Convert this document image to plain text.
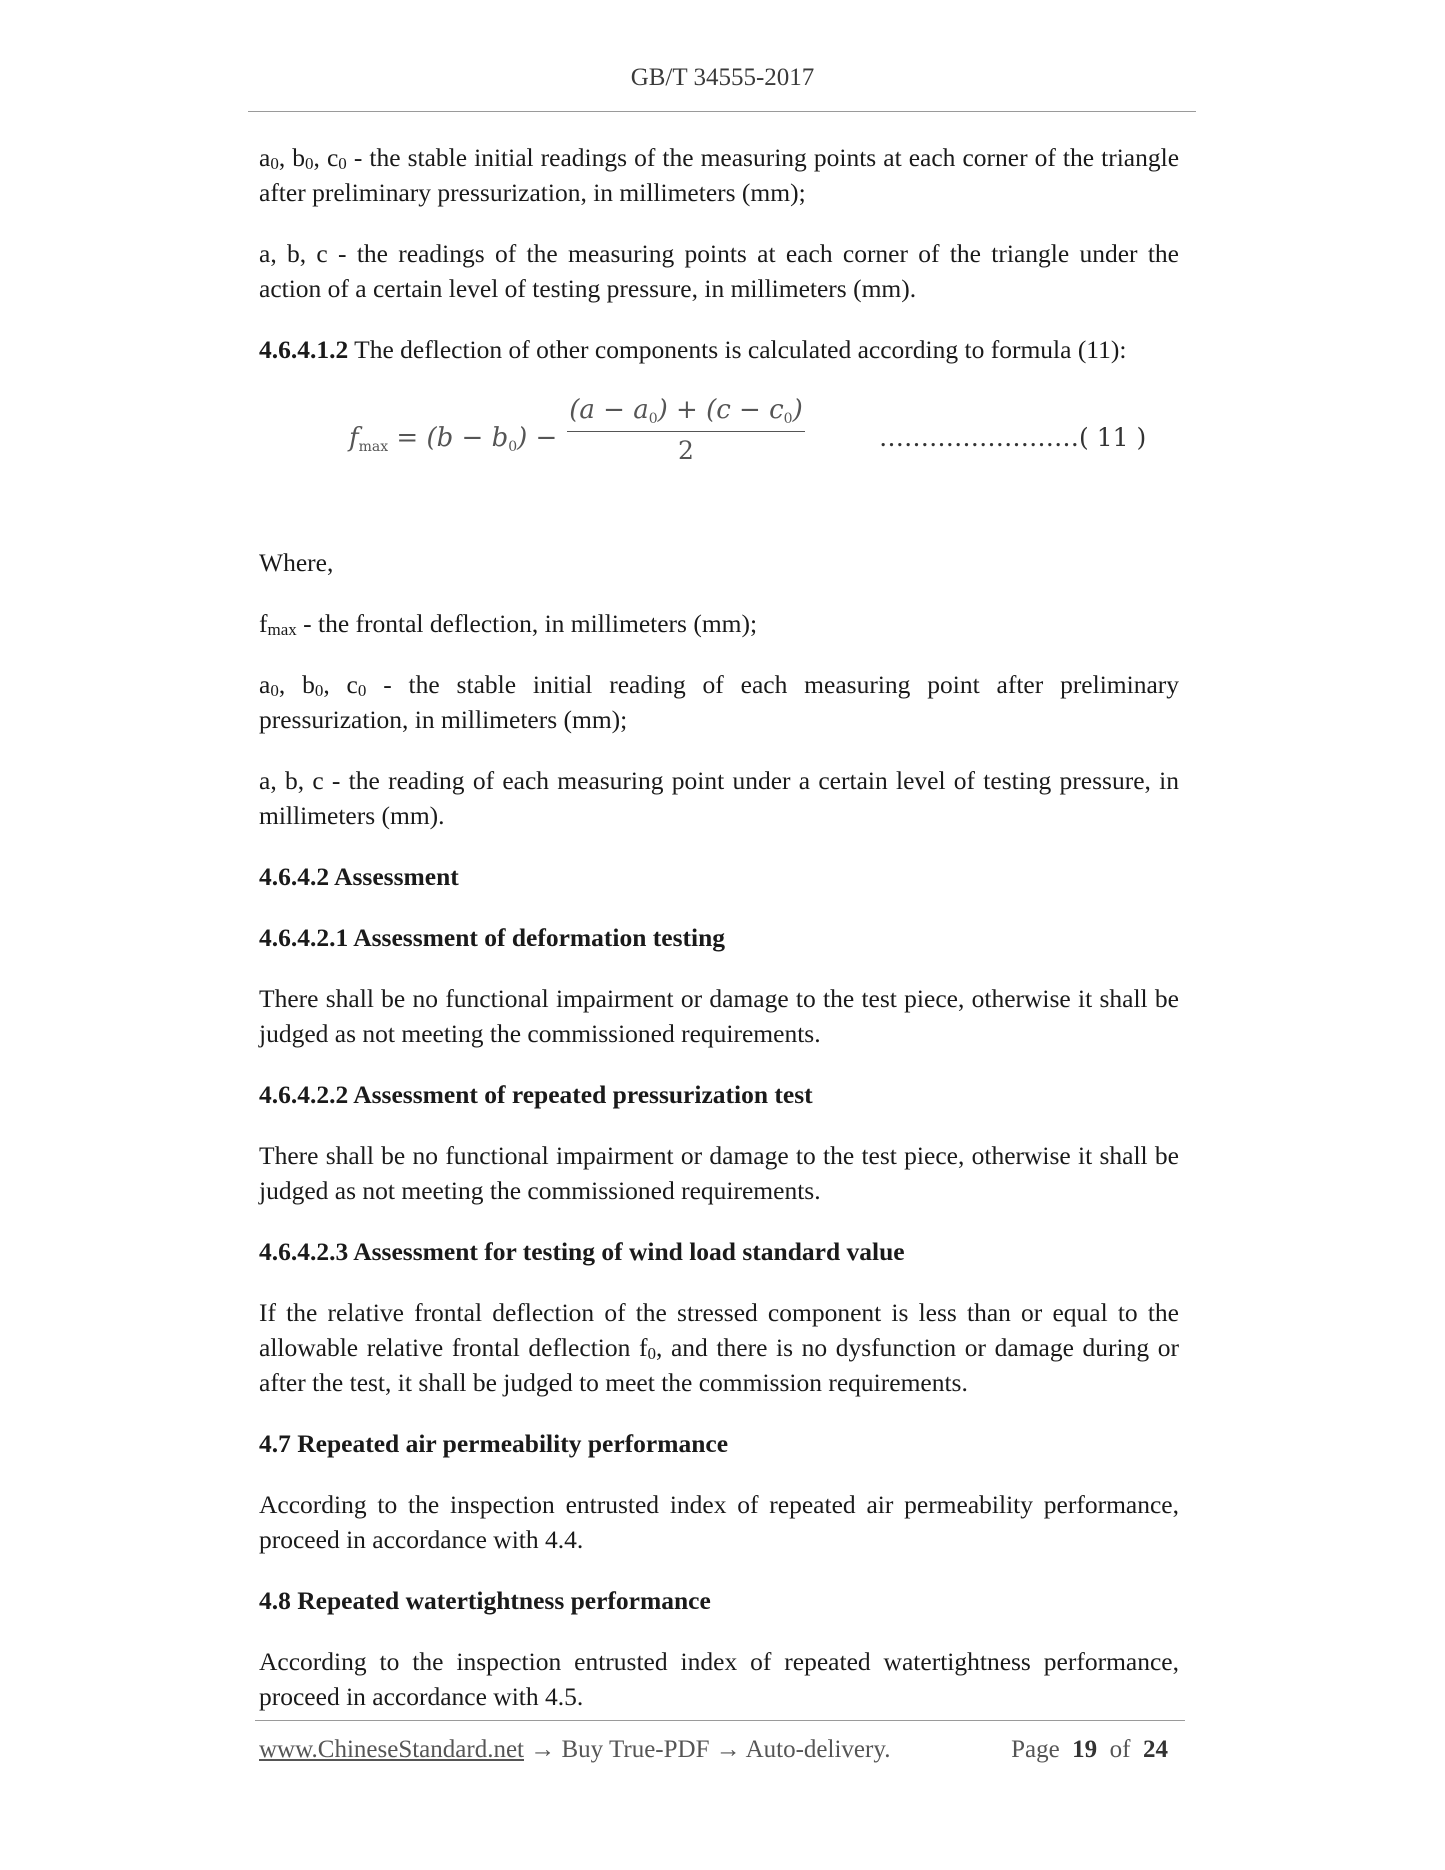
GB/T 34555-2017

$a_0$, $b_0$, $c_0$ - the stable initial readings of the measuring points at each corner of the triangle after preliminary pressurization, in millimeters (mm);

a, b, c - the readings of the measuring points at each corner of the triangle under the action of a certain level of testing pressure, in millimeters (mm).

4.6.4.1.2 The deflection of other components is calculated according to formula (11):

$f_{max} = (b - b_0) - \frac{(a - a_0) + (c - c_0)}{2}$	……………………( 11 )

Where,

$f_{max}$ - the frontal deflection, in millimeters (mm);

$a_0$, $b_0$, $c_0$ - the stable initial reading of each measuring point after preliminary pressurization, in millimeters (mm);

a, b, c - the reading of each measuring point under a certain level of testing pressure, in millimeters (mm).

4.6.4.2 Assessment

4.6.4.2.1 Assessment of deformation testing

There shall be no functional impairment or damage to the test piece, otherwise it shall be judged as not meeting the commissioned requirements.

4.6.4.2.2 Assessment of repeated pressurization test

There shall be no functional impairment or damage to the test piece, otherwise it shall be judged as not meeting the commissioned requirements.

4.6.4.2.3 Assessment for testing of wind load standard value

If the relative frontal deflection of the stressed component is less than or equal to the allowable relative frontal deflection $f_0$, and there is no dysfunction or damage during or after the test, it shall be judged to meet the commission requirements.

4.7 Repeated air permeability performance

According to the inspection entrusted index of repeated air permeability performance, proceed in accordance with 4.4.

4.8 Repeated watertightness performance

According to the inspection entrusted index of repeated watertightness performance, proceed in accordance with 4.5.

www.ChineseStandard.net → Buy True-PDF → Auto-delivery.	Page 19 of 24
